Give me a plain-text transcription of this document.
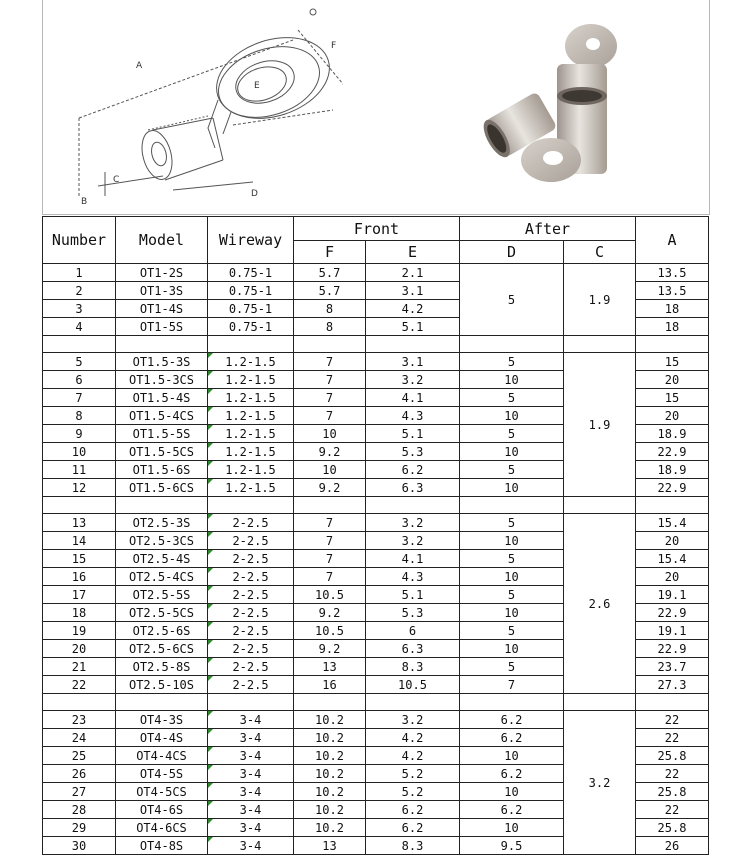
A
B
C
D
E
F
Number	Model	Wireway	Front		After		A
			F	E	D	C	
1	OT1-2S	0.75-1	5.7	2.1	5	1.9	13.5
2	OT1-3S	0.75-1	5.7	3.1			13.5
3	OT1-4S	0.75-1	8	4.2			18
4	OT1-5S	0.75-1	8	5.1			18

5	OT1.5-3S	1.2-1.5	7	3.1	5	1.9	15
6	OT1.5-3CS	1.2-1.5	7	3.2	10		20
7	OT1.5-4S	1.2-1.5	7	4.1	5		15
8	OT1.5-4CS	1.2-1.5	7	4.3	10		20
9	OT1.5-5S	1.2-1.5	10	5.1	5		18.9
10	OT1.5-5CS	1.2-1.5	9.2	5.3	10		22.9
11	OT1.5-6S	1.2-1.5	10	6.2	5		18.9
12	OT1.5-6CS	1.2-1.5	9.2	6.3	10		22.9

13	OT2.5-3S	2-2.5	7	3.2	5	2.6	15.4
14	OT2.5-3CS	2-2.5	7	3.2	10		20
15	OT2.5-4S	2-2.5	7	4.1	5		15.4
16	OT2.5-4CS	2-2.5	7	4.3	10		20
17	OT2.5-5S	2-2.5	10.5	5.1	5		19.1
18	OT2.5-5CS	2-2.5	9.2	5.3	10		22.9
19	OT2.5-6S	2-2.5	10.5	6	5		19.1
20	OT2.5-6CS	2-2.5	9.2	6.3	10		22.9
21	OT2.5-8S	2-2.5	13	8.3	5		23.7
22	OT2.5-10S	2-2.5	16	10.5	7		27.3

23	OT4-3S	3-4	10.2	3.2	6.2	3.2	22
24	OT4-4S	3-4	10.2	4.2	6.2		22
25	OT4-4CS	3-4	10.2	4.2	10		25.8
26	OT4-5S	3-4	10.2	5.2	6.2		22
27	OT4-5CS	3-4	10.2	5.2	10		25.8
28	OT4-6S	3-4	10.2	6.2	6.2		22
29	OT4-6CS	3-4	10.2	6.2	10		25.8
30	OT4-8S	3-4	13	8.3	9.5		26
